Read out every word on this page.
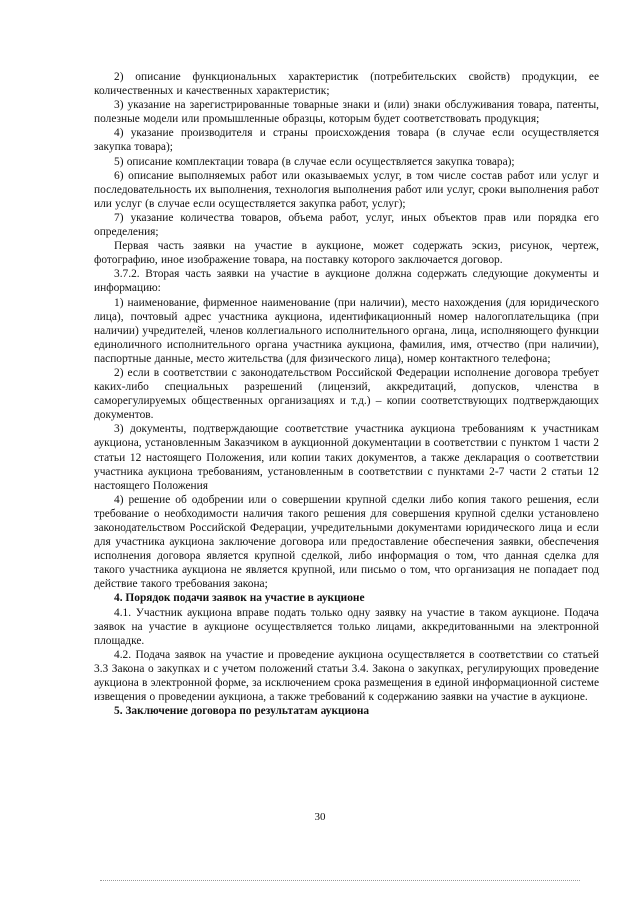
2) описание функциональных характеристик (потребительских свойств) продукции, ее количественных и качественных характеристик;

3) указание на зарегистрированные товарные знаки и (или) знаки обслуживания товара, патенты, полезные модели или промышленные образцы, которым будет соответствовать продукция;

4) указание производителя и страны происхождения товара (в случае если осуществляется закупка товара);

5) описание комплектации товара (в случае если осуществляется закупка товара);

6) описание выполняемых работ или оказываемых услуг, в том числе состав работ или услуг и последовательность их выполнения, технология выполнения работ или услуг, сроки выполнения работ или услуг (в случае если осуществляется закупка работ, услуг);

7) указание количества товаров, объема работ, услуг, иных объектов прав или порядка его определения;

Первая часть заявки на участие в аукционе, может содержать эскиз, рисунок, чертеж, фотографию, иное изображение товара, на поставку которого заключается договор.

3.7.2. Вторая часть заявки на участие в аукционе должна содержать следующие документы и информацию:

1) наименование, фирменное наименование (при наличии), место нахождения (для юридического лица), почтовый адрес участника аукциона, идентификационный номер налогоплательщика (при наличии) учредителей, членов коллегиального исполнительного органа, лица, исполняющего функции единоличного исполнительного органа участника аукциона, фамилия, имя, отчество (при наличии), паспортные данные, место жительства (для физического лица), номер контактного телефона;

2) если в соответствии с законодательством Российской Федерации исполнение договора требует каких-либо специальных разрешений (лицензий, аккредитаций, допусков, членства в саморегулируемых общественных организациях и т.д.) – копии соответствующих подтверждающих документов.

3) документы, подтверждающие соответствие участника аукциона требованиям к участникам аукциона, установленным Заказчиком в аукционной документации в соответствии с пунктом 1 части 2 статьи 12 настоящего Положения, или копии таких документов, а также декларация о соответствии участника аукциона требованиям, установленным в соответствии с пунктами 2-7 части 2 статьи 12 настоящего Положения

4) решение об одобрении или о совершении крупной сделки либо копия такого решения, если требование о необходимости наличия такого решения для совершения крупной сделки установлено законодательством Российской Федерации, учредительными документами юридического лица и если для участника аукциона заключение договора или предоставление обеспечения заявки, обеспечения исполнения договора является крупной сделкой, либо информация о том, что данная сделка для такого участника аукциона не является крупной, или письмо о том, что организация не попадает под действие такого требования закона;

4. Порядок подачи заявок на участие в аукционе

4.1. Участник аукциона вправе подать только одну заявку на участие в таком аукционе. Подача заявок на участие в аукционе осуществляется только лицами, аккредитованными на электронной площадке.

4.2. Подача заявок на участие и проведение аукциона осуществляется в соответствии со статьей 3.3 Закона о закупках и с учетом положений статьи 3.4. Закона о закупках, регулирующих проведение аукциона в электронной форме, за исключением срока размещения в единой информационной системе извещения о проведении аукциона, а также требований к содержанию заявки на участие в аукционе.

5. Заключение договора по результатам аукциона

30
